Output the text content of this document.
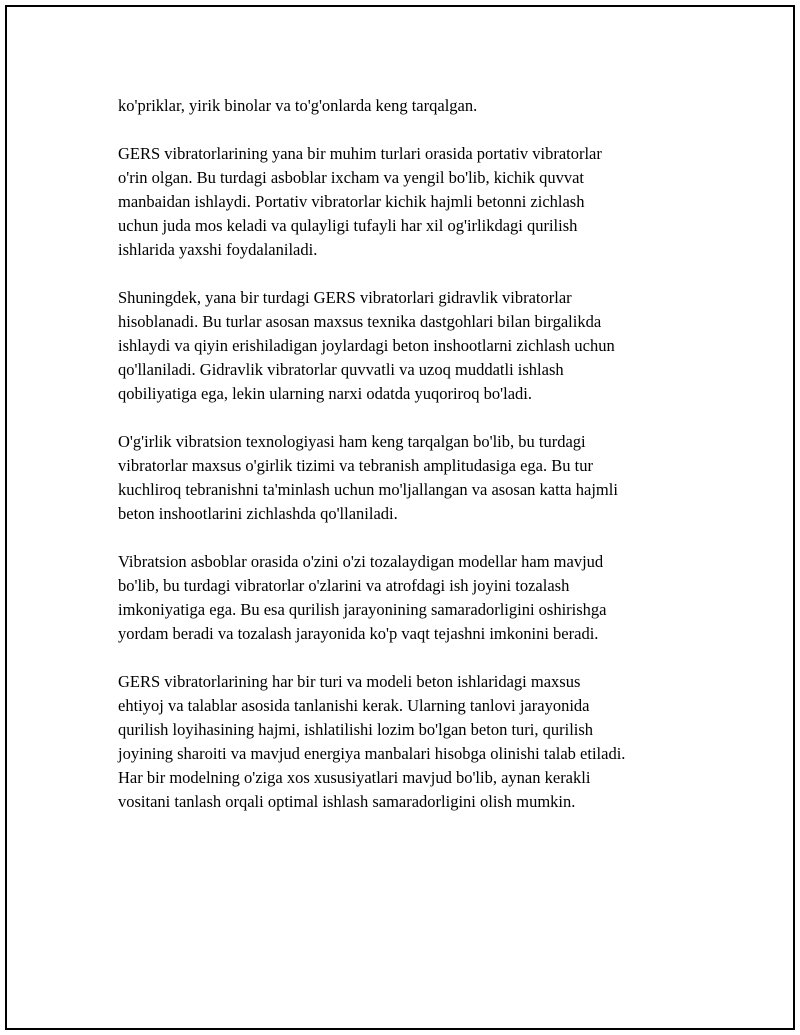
ko'priklar, yirik binolar va to'g'onlarda keng tarqalgan.

GERS vibratorlarining yana bir muhim turlari orasida portativ vibratorlar
o'rin olgan. Bu turdagi asboblar ixcham va yengil bo'lib, kichik quvvat
manbaidan ishlaydi. Portativ vibratorlar kichik hajmli betonni zichlash
uchun juda mos keladi va qulayligi tufayli har xil og'irlikdagi qurilish
ishlarida yaxshi foydalaniladi.

Shuningdek, yana bir turdagi GERS vibratorlari gidravlik vibratorlar
hisoblanadi. Bu turlar asosan maxsus texnika dastgohlari bilan birgalikda
ishlaydi va qiyin erishiladigan joylardagi beton inshootlarni zichlash uchun
qo'llaniladi. Gidravlik vibratorlar quvvatli va uzoq muddatli ishlash
qobiliyatiga ega, lekin ularning narxi odatda yuqoriroq bo'ladi.

O'g'irlik vibratsion texnologiyasi ham keng tarqalgan bo'lib, bu turdagi
vibratorlar maxsus o'girlik tizimi va tebranish amplitudasiga ega. Bu tur
kuchliroq tebranishni ta'minlash uchun mo'ljallangan va asosan katta hajmli
beton inshootlarini zichlashda qo'llaniladi.

Vibratsion asboblar orasida o'zini o'zi tozalaydigan modellar ham mavjud
bo'lib, bu turdagi vibratorlar o'zlarini va atrofdagi ish joyini tozalash
imkoniyatiga ega. Bu esa qurilish jarayonining samaradorligini oshirishga
yordam beradi va tozalash jarayonida ko'p vaqt tejashni imkonini beradi.

GERS vibratorlarining har bir turi va modeli beton ishlaridagi maxsus
ehtiyoj va talablar asosida tanlanishi kerak. Ularning tanlovi jarayonida
qurilish loyihasining hajmi, ishlatilishi lozim bo'lgan beton turi, qurilish
joyining sharoiti va mavjud energiya manbalari hisobga olinishi talab etiladi.
Har bir modelning o'ziga xos xususiyatlari mavjud bo'lib, aynan kerakli
vositani tanlash orqali optimal ishlash samaradorligini olish mumkin.
